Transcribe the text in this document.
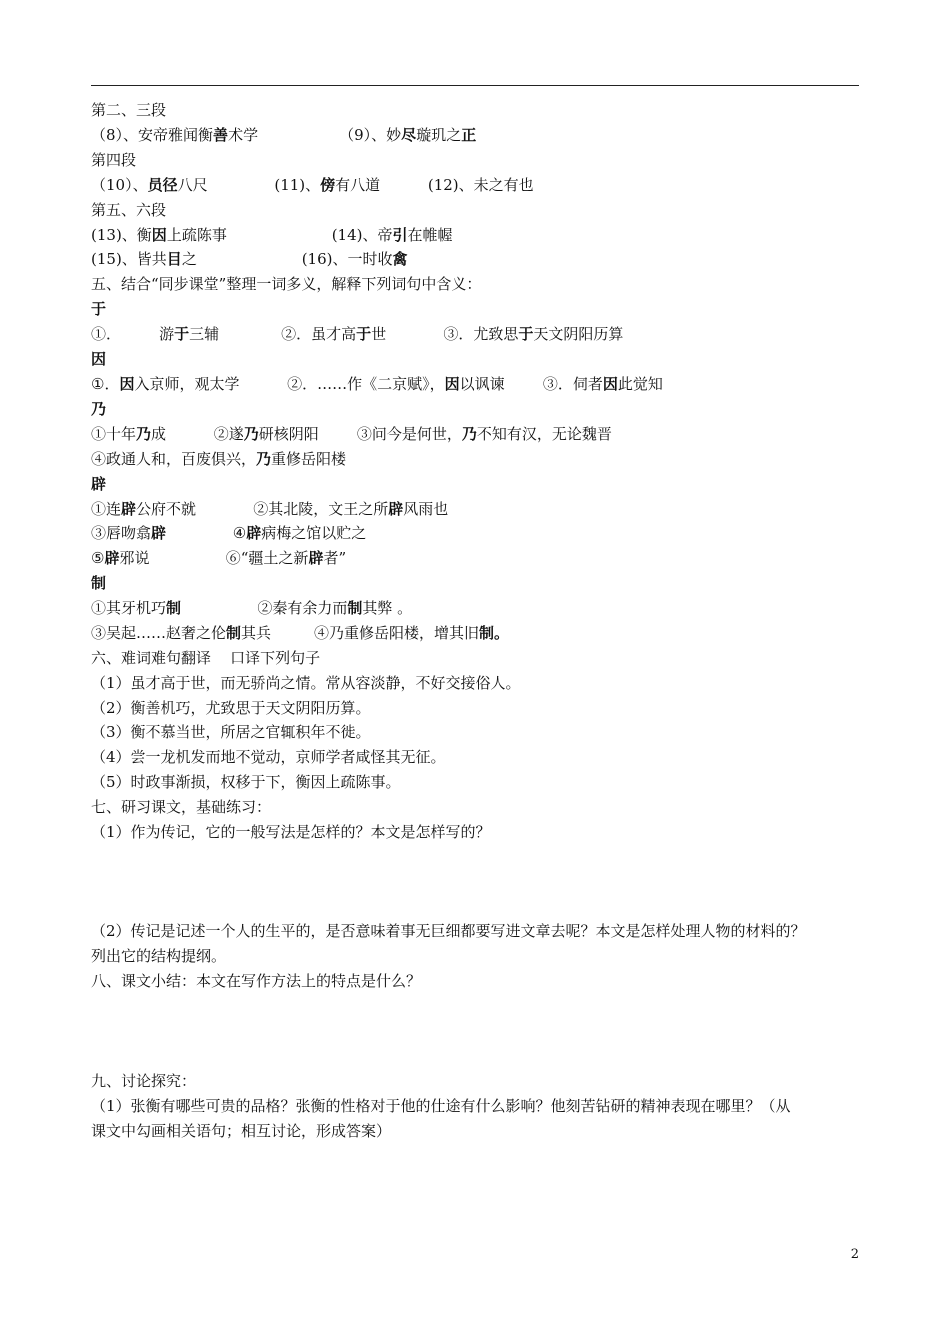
第二、三段
（8）、安帝雅闻衡善术学                 （9）、妙尽璇玑之正
第四段
（10）、员径八尺              (11)、傍有八道          (12)、未之有也
第五、六段
(13)、衡因上疏陈事                      (14)、帝引在帷幄
(15)、皆共目之                      (16)、一时收禽
五、结合“同步课堂”整理一词多义，解释下列词句中含义：
于
①．        游于三辅             ②．虽才高于世            ③．尤致思于天文阴阳历算
因
①．因入京师，观太学          ②．……作《二京赋》，因以讽谏        ③．伺者因此觉知
乃
①十年乃成          ②遂乃研核阴阳        ③问今是何世，乃不知有汉，无论魏晋
④政通人和，百废俱兴，乃重修岳阳楼
辟
①连辟公府不就            ②其北陵，文王之所辟风雨也
③唇吻翕辟              ④辟病梅之馆以贮之
⑤辟邪说                ⑥“疆土之新辟者”
制
①其牙机巧制                ②秦有余力而制其弊 。
③吴起……赵奢之伦制其兵         ④乃重修岳阳楼，增其旧制。
六、难词难句翻译    口译下列句子
（1）虽才高于世，而无骄尚之情。常从容淡静，不好交接俗人。
（2）衡善机巧，尤致思于天文阴阳历算。
（3）衡不慕当世，所居之官辄积年不徙。
（4）尝一龙机发而地不觉动，京师学者咸怪其无征。
（5）时政事渐损，权移于下，衡因上疏陈事。
七、研习课文，基础练习：
（1）作为传记，它的一般写法是怎样的？本文是怎样写的？
（2）传记是记述一个人的生平的，是否意味着事无巨细都要写进文章去呢？本文是怎样处理人物的材料的？
列出它的结构提纲。
八、课文小结：本文在写作方法上的特点是什么？
九、讨论探究：
（1）张衡有哪些可贵的品格？张衡的性格对于他的仕途有什么影响？他刻苦钻研的精神表现在哪里？（从
课文中勾画相关语句；相互讨论，形成答案）
2
